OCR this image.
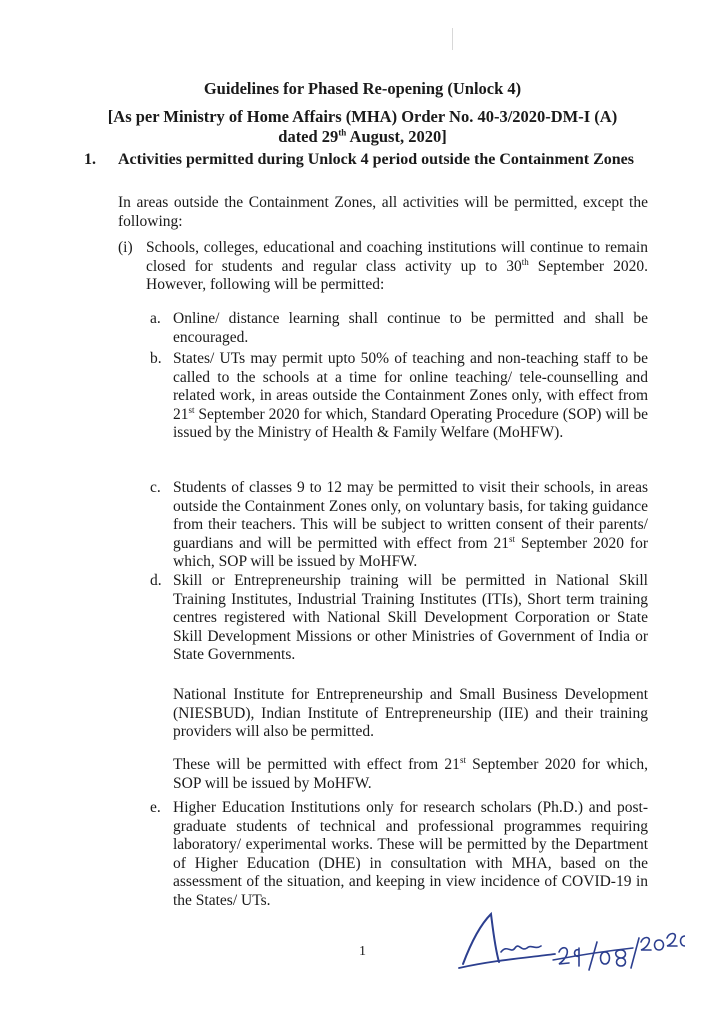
Guidelines for Phased Re-opening (Unlock 4)
[As per Ministry of Home Affairs (MHA) Order No. 40-3/2020-DM-I (A)
dated 29th August, 2020]
1. Activities permitted during Unlock 4 period outside the Containment Zones
In areas outside the Containment Zones, all activities will be permitted, except the following:
(i) Schools, colleges, educational and coaching institutions will continue to remain closed for students and regular class activity up to 30th September 2020. However, following will be permitted:
a. Online/ distance learning shall continue to be permitted and shall be encouraged.
b. States/ UTs may permit upto 50% of teaching and non-teaching staff to be called to the schools at a time for online teaching/ tele-counselling and related work, in areas outside the Containment Zones only, with effect from 21st September 2020 for which, Standard Operating Procedure (SOP) will be issued by the Ministry of Health & Family Welfare (MoHFW).
c. Students of classes 9 to 12 may be permitted to visit their schools, in areas outside the Containment Zones only, on voluntary basis, for taking guidance from their teachers. This will be subject to written consent of their parents/ guardians and will be permitted with effect from 21st September 2020 for which, SOP will be issued by MoHFW.
d. Skill or Entrepreneurship training will be permitted in National Skill Training Institutes, Industrial Training Institutes (ITIs), Short term training centres registered with National Skill Development Corporation or State Skill Development Missions or other Ministries of Government of India or State Governments.
National Institute for Entrepreneurship and Small Business Development (NIESBUD), Indian Institute of Entrepreneurship (IIE) and their training providers will also be permitted.
These will be permitted with effect from 21st September 2020 for which, SOP will be issued by MoHFW.
e. Higher Education Institutions only for research scholars (Ph.D.) and post-graduate students of technical and professional programmes requiring laboratory/ experimental works. These will be permitted by the Department of Higher Education (DHE) in consultation with MHA, based on the assessment of the situation, and keeping in view incidence of COVID-19 in the States/ UTs.
1
